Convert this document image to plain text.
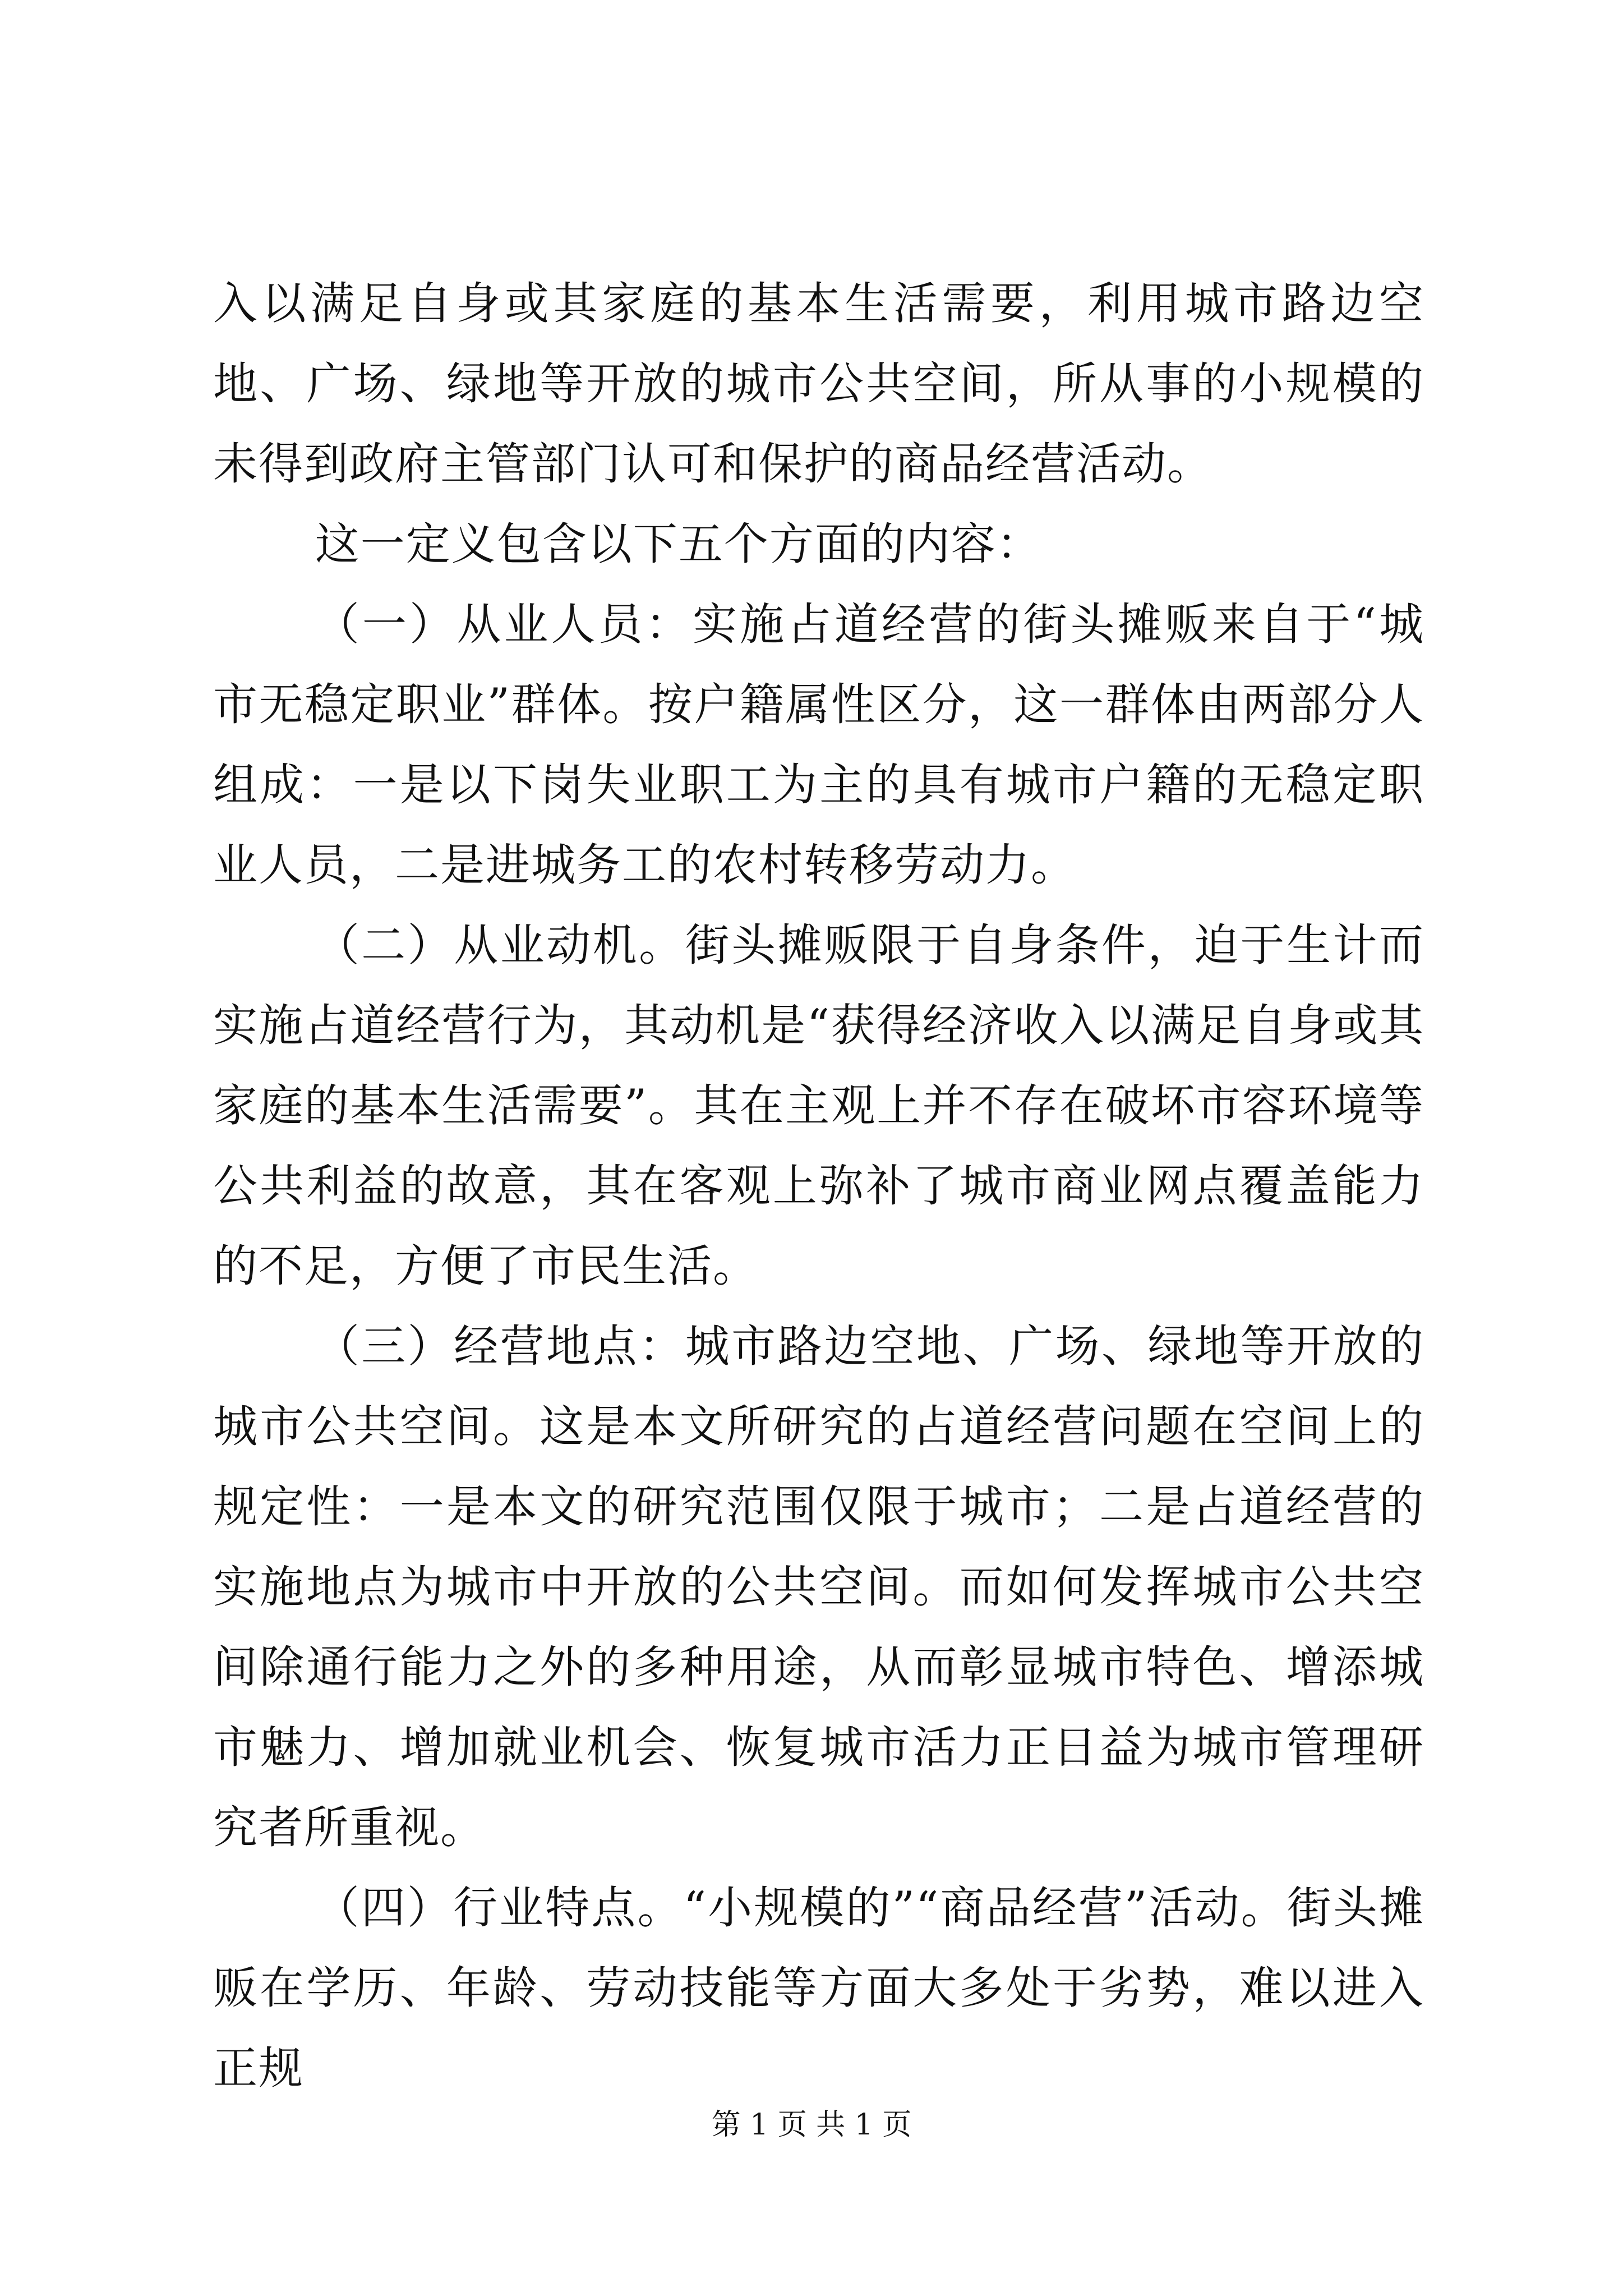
入以满足自身或其家庭的基本生活需要，利用城市路边空地、广场、绿地等开放的城市公共空间，所从事的小规模的未得到政府主管部门认可和保护的商品经营活动。

这一定义包含以下五个方面的内容：

（一）从业人员：实施占道经营的街头摊贩来自于“城市无稳定职业”群体。按户籍属性区分，这一群体由两部分人组成：一是以下岗失业职工为主的具有城市户籍的无稳定职业人员，二是进城务工的农村转移劳动力。

（二）从业动机。街头摊贩限于自身条件，迫于生计而实施占道经营行为，其动机是“获得经济收入以满足自身或其家庭的基本生活需要”。其在主观上并不存在破坏市容环境等公共利益的故意，其在客观上弥补了城市商业网点覆盖能力的不足，方便了市民生活。

（三）经营地点：城市路边空地、广场、绿地等开放的城市公共空间。这是本文所研究的占道经营问题在空间上的规定性：一是本文的研究范围仅限于城市；二是占道经营的实施地点为城市中开放的公共空间。而如何发挥城市公共空间除通行能力之外的多种用途，从而彰显城市特色、增添城市魅力、增加就业机会、恢复城市活力正日益为城市管理研究者所重视。

（四）行业特点。“小规模的”“商品经营”活动。街头摊贩在学历、年龄、劳动技能等方面大多处于劣势，难以进入正规

第 1 页 共 1 页
